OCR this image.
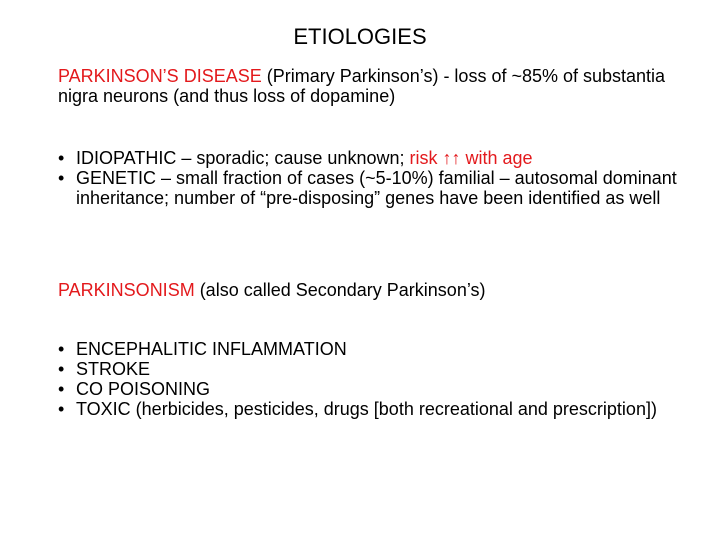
ETIOLOGIES
PARKINSON’S DISEASE (Primary Parkinson’s) - loss of ~85% of substantia nigra neurons (and thus loss of dopamine)
• IDIOPATHIC – sporadic; cause unknown; risk ↑↑ with age
• GENETIC – small fraction of cases (~5-10%) familial – autosomal dominant inheritance; number of “pre-disposing” genes have been identified as well
PARKINSONISM (also called Secondary Parkinson’s)
• ENCEPHALITIC INFLAMMATION
• STROKE
• CO POISONING
• TOXIC (herbicides, pesticides, drugs [both recreational and prescription])
